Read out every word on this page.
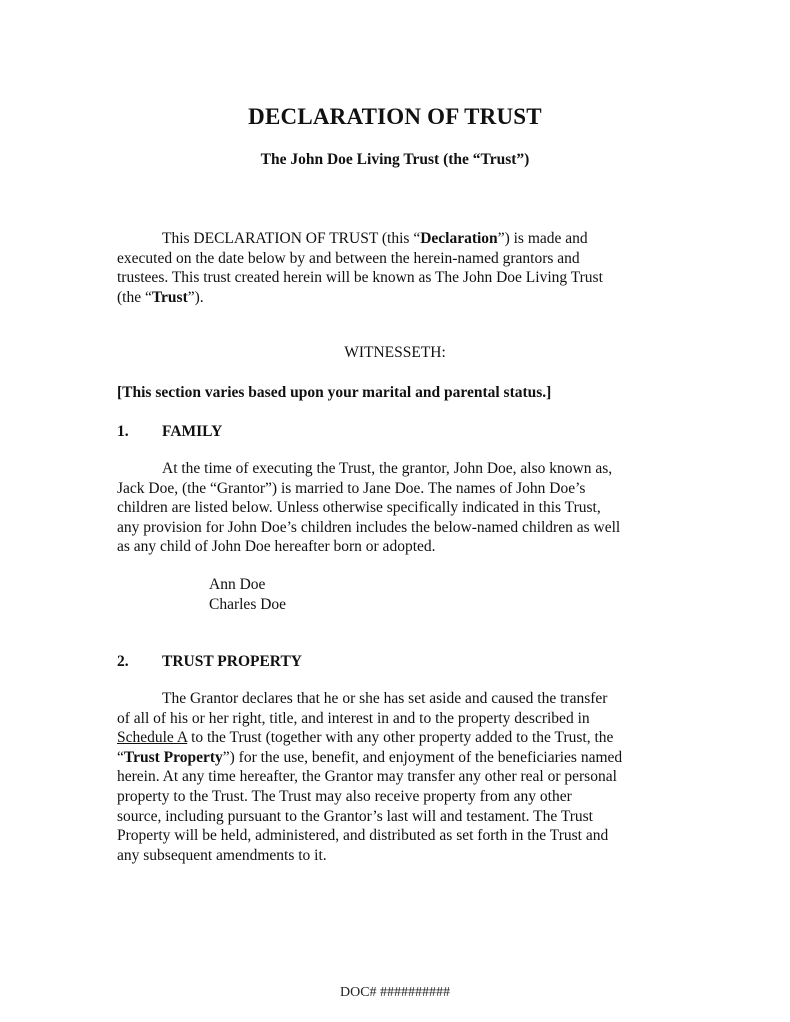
DECLARATION OF TRUST
The John Doe Living Trust (the “Trust”)
This DECLARATION OF TRUST (this “Declaration”) is made and
executed on the date below by and between the herein-named grantors and
trustees. This trust created herein will be known as The John Doe Living Trust
(the “Trust”).
WITNESSETH:
[This section varies based upon your marital and parental status.]
1. FAMILY
At the time of executing the Trust, the grantor, John Doe, also known as,
Jack Doe, (the “Grantor”) is married to Jane Doe. The names of John Doe’s
children are listed below. Unless otherwise specifically indicated in this Trust,
any provision for John Doe’s children includes the below-named children as well
as any child of John Doe hereafter born or adopted.
Ann Doe
Charles Doe
2. TRUST PROPERTY
The Grantor declares that he or she has set aside and caused the transfer
of all of his or her right, title, and interest in and to the property described in
Schedule A to the Trust (together with any other property added to the Trust, the
“Trust Property”) for the use, benefit, and enjoyment of the beneficiaries named
herein. At any time hereafter, the Grantor may transfer any other real or personal
property to the Trust. The Trust may also receive property from any other
source, including pursuant to the Grantor’s last will and testament. The Trust
Property will be held, administered, and distributed as set forth in the Trust and
any subsequent amendments to it.
DOC# ##########
